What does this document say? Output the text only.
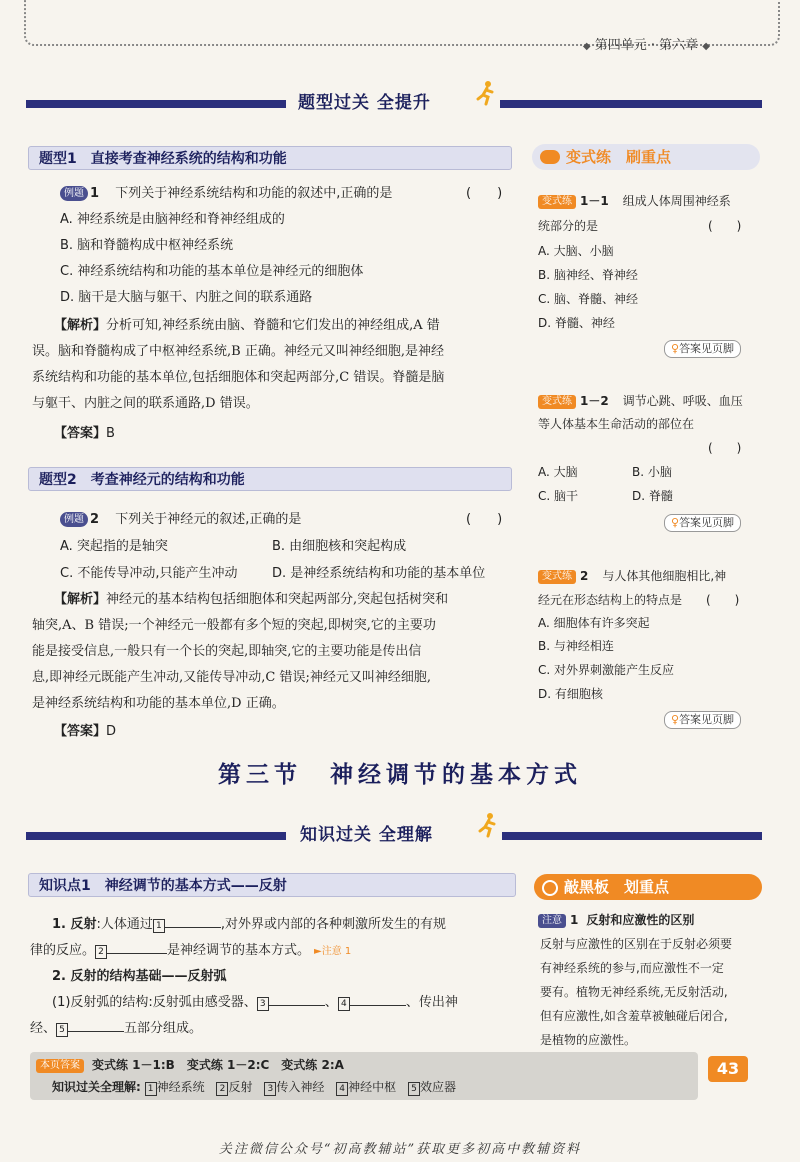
◆ 第四单元 · 第六章 ◆
题型过关 全提升
题型1　直接考查神经系统的结构和功能
例题 1 下列关于神经系统结构和功能的叙述中,正确的是	(　　)
A. 神经系统是由脑神经和脊神经组成的
B. 脑和脊髓构成中枢神经系统
C. 神经系统结构和功能的基本单位是神经元的细胞体
D. 脑干是大脑与躯干、内脏之间的联系通路
【解析】分析可知,神经系统由脑、脊髓和它们发出的神经组成,A 错
误。脑和脊髓构成了中枢神经系统,B 正确。神经元又叫神经细胞,是神经
系统结构和功能的基本单位,包括细胞体和突起两部分,C 错误。脊髓是脑
与躯干、内脏之间的联系通路,D 错误。
【答案】B
题型2　考查神经元的结构和功能
例题 2 下列关于神经元的叙述,正确的是	(　　)
A. 突起指的是轴突	B. 由细胞核和突起构成
C. 不能传导冲动,只能产生冲动	D. 是神经系统结构和功能的基本单位
【解析】神经元的基本结构包括细胞体和突起两部分,突起包括树突和
轴突,A、B 错误;一个神经元一般都有多个短的突起,即树突,它的主要功
能是接受信息,一般只有一个长的突起,即轴突,它的主要功能是传出信
息,即神经元既能产生冲动,又能传导冲动,C 错误;神经元又叫神经细胞,
是神经系统结构和功能的基本单位,D 正确。
【答案】D
变式练　刷重点
变式练 1－1 组成人体周围神经系
统部分的是	(　　)
A. 大脑、小脑
B. 脑神经、脊神经
C. 脑、脊髓、神经
D. 脊髓、神经
♀答案见页脚
变式练 1－2 调节心跳、呼吸、血压
等人体基本生命活动的部位在
(　　)
A. 大脑	B. 小脑
C. 脑干	D. 脊髓
♀答案见页脚
变式练 2 与人体其他细胞相比,神
经元在形态结构上的特点是 (　　)
A. 细胞体有许多突起
B. 与神经相连
C. 对外界刺激能产生反应
D. 有细胞核
♀答案见页脚
第三节　神经调节的基本方式
知识过关 全理解
知识点1　神经调节的基本方式——反射
1. 反射:人体通过 1	,对外界或内部的各种刺激所发生的有规
律的反应。 2	是神经调节的基本方式。 ►注意 1
2. 反射的结构基础——反射弧
(1)反射弧的结构:反射弧由感受器、 3	、 4	、传出神
经、 5	五部分组成。
敲黑板　划重点
注意 1 反射和应激性的区别
反射与应激性的区别在于反射必须要
有神经系统的参与,而应激性不一定
要有。植物无神经系统,无反射活动,
但有应激性,如含羞草被触碰后闭合,
是植物的应激性。
本页答案 变式练 1－1:B　变式练 1－2:C　变式练 2:A
知识过关全理解: 1 神经系统 2 反射 3 传入神经 4 神经中枢 5 效应器
43
关注微信公众号“初高教辅站”获取更多初高中教辅资料
